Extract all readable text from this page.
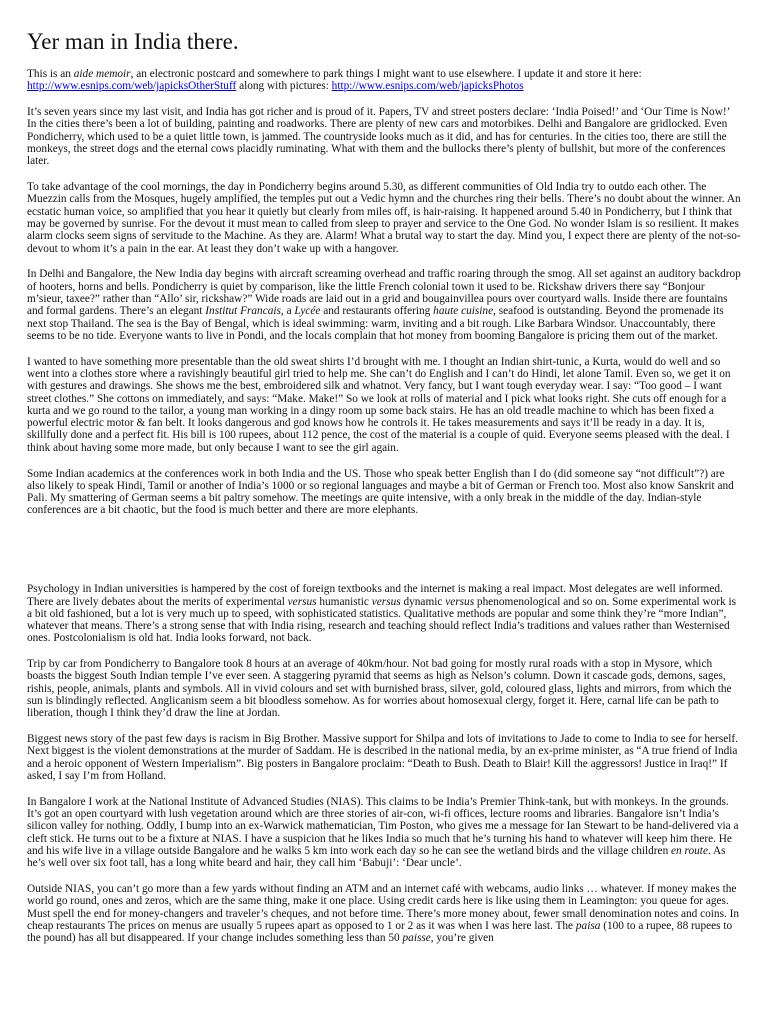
Yer man in India there.

This is an aide memoir, an electronic postcard and somewhere to park things I might want to use elsewhere. I update it and store it here: http://www.esnips.com/web/japicksOtherStuff along with pictures: http://www.esnips.com/web/japicksPhotos

It’s seven years since my last visit, and India has got richer and is proud of it. Papers, TV and street posters declare: ‘India Poised!’ and ‘Our Time is Now!’ In the cities there’s been a lot of building, painting and roadworks. There are plenty of new cars and motorbikes. Delhi and Bangalore are gridlocked. Even Pondicherry, which used to be a quiet little town, is jammed. The countryside looks much as it did, and has for centuries. In the cities too, there are still the monkeys, the street dogs and the eternal cows placidly ruminating. What with them and the bullocks there’s plenty of bullshit, but more of the conferences later.

To take advantage of the cool mornings, the day in Pondicherry begins around 5.30, as different communities of Old India try to outdo each other. The Muezzin calls from the Mosques, hugely amplified, the temples put out a Vedic hymn and the churches ring their bells. There’s no doubt about the winner. An ecstatic human voice, so amplified that you hear it quietly but clearly from miles off, is hair-raising. It happened around 5.40 in Pondicherry, but I think that may be governed by sunrise. For the devout it must mean to called from sleep to prayer and service to the One God. No wonder Islam is so resilient. It makes alarm clocks seem signs of servitude to the Machine. As they are. Alarm! What a brutal way to start the day. Mind you, I expect there are plenty of the not-so-devout to whom it’s a pain in the ear. At least they don’t wake up with a hangover.

In Delhi and Bangalore, the New India day begins with aircraft screaming overhead and traffic roaring through the smog. All set against an auditory backdrop of hooters, horns and bells. Pondicherry is quiet by comparison, like the little French colonial town it used to be. Rickshaw drivers there say “Bonjour m’sieur, taxee?” rather than “Allo’ sir, rickshaw?” Wide roads are laid out in a grid and bougainvillea pours over courtyard walls. Inside there are fountains and formal gardens. There’s an elegant Institut Francais, a Lycée and restaurants offering haute cuisine, seafood is outstanding. Beyond the promenade its next stop Thailand. The sea is the Bay of Bengal, which is ideal swimming: warm, inviting and a bit rough. Like Barbara Windsor. Unaccountably, there seems to be no tide. Everyone wants to live in Pondi, and the locals complain that hot money from booming Bangalore is pricing them out of the market.

I wanted to have something more presentable than the old sweat shirts I’d brought with me. I thought an Indian shirt-tunic, a Kurta, would do well and so went into a clothes store where a ravishingly beautiful girl tried to help me. She can’t do English and I can’t do Hindi, let alone Tamil. Even so, we get it on with gestures and drawings. She shows me the best, embroidered silk and whatnot. Very fancy, but I want tough everyday wear. I say: “Too good – I want street clothes.” She cottons on immediately, and says: “Make. Make!” So we look at rolls of material and I pick what looks right. She cuts off enough for a kurta and we go round to the tailor, a young man working in a dingy room up some back stairs. He has an old treadle machine to which has been fixed a powerful electric motor & fan belt. It looks dangerous and god knows how he controls it. He takes measurements and says it’ll be ready in a day. It is, skillfully done and a perfect fit. His bill is 100 rupees, about 112 pence, the cost of the material is a couple of quid. Everyone seems pleased with the deal. I think about having some more made, but only because I want to see the girl again.

Some Indian academics at the conferences work in both India and the US. Those who speak better English than I do (did someone say “not difficult”?) are also likely to speak Hindi, Tamil or another of India’s 1000 or so regional languages and maybe a bit of German or French too. Most also know Sanskrit and Pali. My smattering of German seems a bit paltry somehow. The meetings are quite intensive, with a only break in the middle of the day. Indian-style conferences are a bit chaotic, but the food is much better and there are more elephants.

Psychology in Indian universities is hampered by the cost of foreign textbooks and the internet is making a real impact. Most delegates are well informed. There are lively debates about the merits of experimental versus humanistic versus dynamic versus phenomenological and so on. Some experimental work is a bit old fashioned, but a lot is very much up to speed, with sophisticated statistics. Qualitative methods are popular and some think they’re “more Indian”, whatever that means. There’s a strong sense that with India rising, research and teaching should reflect India’s traditions and values rather than Westernised ones. Postcolonialism is old hat. India looks forward, not back.

Trip by car from Pondicherry to Bangalore took 8 hours at an average of 40km/hour. Not bad going for mostly rural roads with a stop in Mysore, which boasts the biggest South Indian temple I’ve ever seen. A staggering pyramid that seems as high as Nelson’s column. Down it cascade gods, demons, sages, rishis, people, animals, plants and symbols. All in vivid colours and set with burnished brass, silver, gold, coloured glass, lights and mirrors, from which the sun is blindingly reflected. Anglicanism seem a bit bloodless somehow. As for worries about homosexual clergy, forget it. Here, carnal life can be path to liberation, though I think they’d draw the line at Jordan.

Biggest news story of the past few days is racism in Big Brother. Massive support for Shilpa and lots of invitations to Jade to come to India to see for herself. Next biggest is the violent demonstrations at the murder of Saddam. He is described in the national media, by an ex-prime minister, as “A true friend of India and a heroic opponent of Western Imperialism”. Big posters in Bangalore proclaim: “Death to Bush. Death to Blair! Kill the aggressors! Justice in Iraq!” If asked, I say I’m from Holland.

In Bangalore I work at the National Institute of Advanced Studies (NIAS). This claims to be India’s Premier Think-tank, but with monkeys. In the grounds. It’s got an open courtyard with lush vegetation around which are three stories of air-con, wi-fi offices, lecture rooms and libraries. Bangalore isn’t India’s silicon valley for nothing. Oddly, I bump into an ex-Warwick mathematician, Tim Poston, who gives me a message for Ian Stewart to be hand-delivered via a cleft stick. He turns out to be a fixture at NIAS. I have a suspicion that he likes India so much that he’s turning his hand to whatever will keep him there. He and his wife live in a village outside Bangalore and he walks 5 km into work each day so he can see the wetland birds and the village children en route. As he’s well over six foot tall, has a long white beard and hair, they call him ‘Babuji’: ‘Dear uncle’.

Outside NIAS, you can’t go more than a few yards without finding an ATM and an internet café with webcams, audio links … whatever. If money makes the world go round, ones and zeros, which are the same thing, make it one place. Using credit cards here is like using them in Leamington: you queue for ages. Must spell the end for money-changers and traveler’s cheques, and not before time. There’s more money about, fewer small denomination notes and coins. In cheap restaurants The prices on menus are usually 5 rupees apart as opposed to 1 or 2 as it was when I was here last. The paisa (100 to a rupee, 88 rupees to the pound) has all but disappeared. If your change includes something less than 50 paisse, you’re given
